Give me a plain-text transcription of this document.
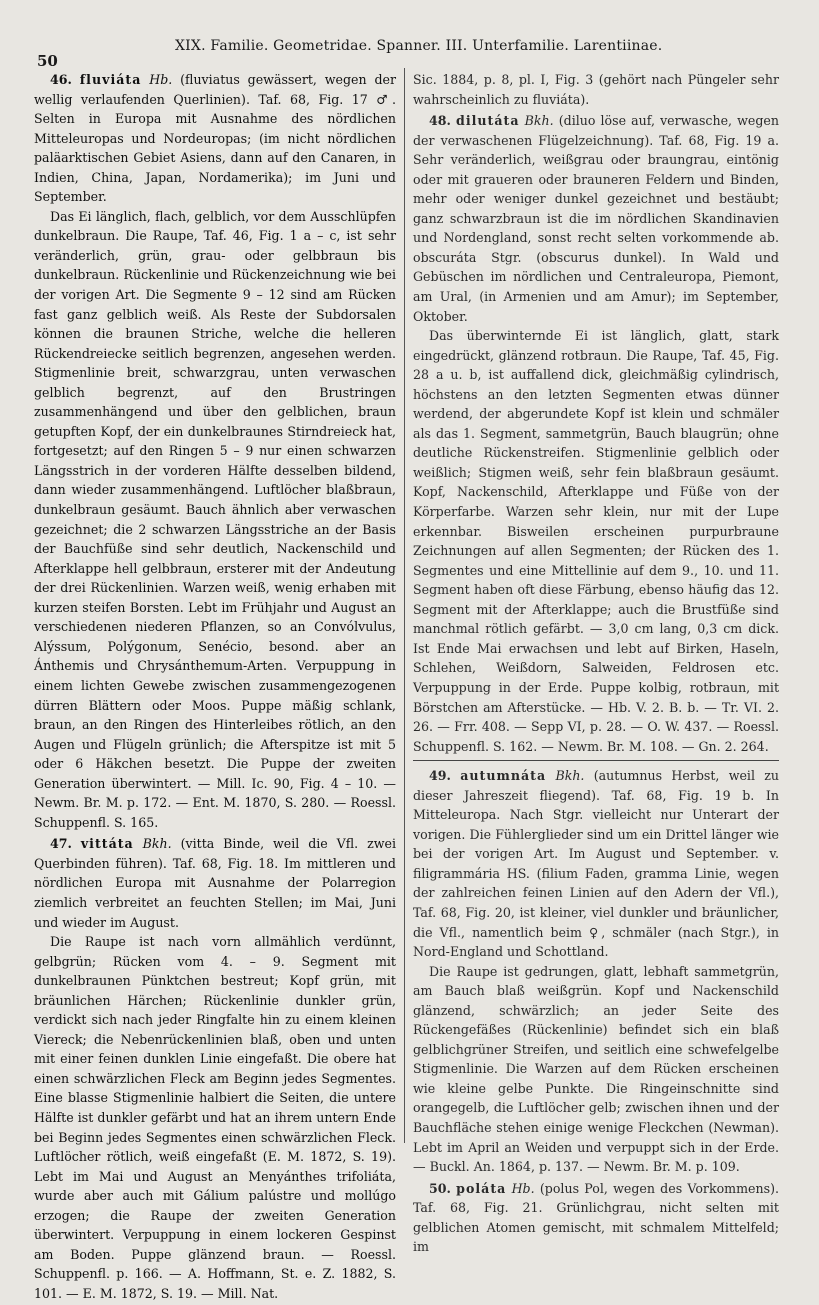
50
XIX. Familie. Geometridae. Spanner. III. Unterfamilie. Larentiinae.

46. fluviáta Hb. (fluviatus gewässert, wegen der wellig verlaufenden Querlinien). Taf. 68, Fig. 17 ♂. Selten in Europa mit Ausnahme des nördlichen Mitteleuropas und Nordeuropas; (im nicht nördlichen paläarktischen Gebiet Asiens, dann auf den Canaren, in Indien, China, Japan, Nordamerika); im Juni und September.

Das Ei länglich, flach, gelblich, vor dem Ausschlüpfen dunkelbraun. Die Raupe, Taf. 46, Fig. 1 a – c, ist sehr veränderlich, grün, grau- oder gelbbraun bis dunkelbraun. Rückenlinie und Rückenzeichnung wie bei der vorigen Art. Die Segmente 9 – 12 sind am Rücken fast ganz gelblich weiß. Als Reste der Subdorsalen können die braunen Striche, welche die helleren Rückendreiecke seitlich begrenzen, angesehen werden. Stigmenlinie breit, schwarzgrau, unten verwaschen gelblich begrenzt, auf den Brustringen zusammenhängend und über den gelblichen, braun getupften Kopf, der ein dunkelbraunes Stirndreieck hat, fortgesetzt; auf den Ringen 5 – 9 nur einen schwarzen Längsstrich in der vorderen Hälfte desselben bildend, dann wieder zusammenhängend. Luftlöcher blaßbraun, dunkelbraun gesäumt. Bauch ähnlich aber verwaschen gezeichnet; die 2 schwarzen Längsstriche an der Basis der Bauchfüße sind sehr deutlich, Nackenschild und Afterklappe hell gelbbraun, ersterer mit der Andeutung der drei Rückenlinien. Warzen weiß, wenig erhaben mit kurzen steifen Borsten. Lebt im Frühjahr und August an verschiedenen niederen Pflanzen, so an Convólvulus, Alýssum, Polýgonum, Senécio, besond. aber an Ánthemis und Chrysánthemum-Arten. Verpuppung in einem lichten Gewebe zwischen zusammengezogenen dürren Blättern oder Moos. Puppe mäßig schlank, braun, an den Ringen des Hinterleibes rötlich, an den Augen und Flügeln grünlich; die Afterspitze ist mit 5 oder 6 Häkchen besetzt. Die Puppe der zweiten Generation überwintert. — Mill. Ic. 90, Fig. 4 – 10. — Newm. Br. M. p. 172. — Ent. M. 1870, S. 280. — Roessl. Schuppenfl. S. 165.

47. vittáta Bkh. (vitta Binde, weil die Vfl. zwei Querbinden führen). Taf. 68, Fig. 18. Im mittleren und nördlichen Europa mit Ausnahme der Polarregion ziemlich verbreitet an feuchten Stellen; im Mai, Juni und wieder im August.

Die Raupe ist nach vorn allmählich verdünnt, gelbgrün; Rücken vom 4. – 9. Segment mit dunkelbraunen Pünktchen bestreut; Kopf grün, mit bräunlichen Härchen; Rückenlinie dunkler grün, verdickt sich nach jeder Ringfalte hin zu einem kleinen Viereck; die Nebenrückenlinien blaß, oben und unten mit einer feinen dunklen Linie eingefaßt. Die obere hat einen schwärzlichen Fleck am Beginn jedes Segmentes. Eine blasse Stigmenlinie halbiert die Seiten, die untere Hälfte ist dunkler gefärbt und hat an ihrem untern Ende bei Beginn jedes Segmentes einen schwärzlichen Fleck. Luftlöcher rötlich, weiß eingefaßt (E. M. 1872, S. 19). Lebt im Mai und August an Menyánthes trifoliáta, wurde aber auch mit Gálium palústre und mollúgo erzogen; die Raupe der zweiten Generation überwintert. Verpuppung in einem lockeren Gespinst am Boden. Puppe glänzend braun. — Roessl. Schuppenfl. p. 166. — A. Hoffmann, St. e. Z. 1882, S. 101. — E. M. 1872, S. 19. — Mill. Nat.

Sic. 1884, p. 8, pl. I, Fig. 3 (gehört nach Püngeler sehr wahrscheinlich zu fluviáta).

48. dilutáta Bkh. (diluo löse auf, verwasche, wegen der verwaschenen Flügelzeichnung). Taf. 68, Fig. 19 a. Sehr veränderlich, weißgrau oder braungrau, eintönig oder mit graueren oder brauneren Feldern und Binden, mehr oder weniger dunkel gezeichnet und bestäubt; ganz schwarzbraun ist die im nördlichen Skandinavien und Nordengland, sonst recht selten vorkommende ab. obscuráta Stgr. (obscurus dunkel). In Wald und Gebüschen im nördlichen und Centraleuropa, Piemont, am Ural, (in Armenien und am Amur); im September, Oktober.

Das überwinternde Ei ist länglich, glatt, stark eingedrückt, glänzend rotbraun. Die Raupe, Taf. 45, Fig. 28 a u. b, ist auffallend dick, gleichmäßig cylindrisch, höchstens an den letzten Segmenten etwas dünner werdend, der abgerundete Kopf ist klein und schmäler als das 1. Segment, sammetgrün, Bauch blaugrün; ohne deutliche Rückenstreifen. Stigmenlinie gelblich oder weißlich; Stigmen weiß, sehr fein blaßbraun gesäumt. Kopf, Nackenschild, Afterklappe und Füße von der Körperfarbe. Warzen sehr klein, nur mit der Lupe erkennbar. Bisweilen erscheinen purpurbraune Zeichnungen auf allen Segmenten; der Rücken des 1. Segmentes und eine Mittellinie auf dem 9., 10. und 11. Segment haben oft diese Färbung, ebenso häufig das 12. Segment mit der Afterklappe; auch die Brustfüße sind manchmal rötlich gefärbt. — 3,0 cm lang, 0,3 cm dick. Ist Ende Mai erwachsen und lebt auf Birken, Haseln, Schlehen, Weißdorn, Salweiden, Feldrosen etc. Verpuppung in der Erde. Puppe kolbig, rotbraun, mit Börstchen am Afterstücke. — Hb. V. 2. B. b. — Tr. VI. 2. 26. — Frr. 408. — Sepp VI, p. 28. — O. W. 437. — Roessl. Schuppenfl. S. 162. — Newm. Br. M. 108. — Gn. 2. 264.

49. autumnáta Bkh. (autumnus Herbst, weil zu dieser Jahreszeit fliegend). Taf. 68, Fig. 19 b. In Mitteleuropa. Nach Stgr. vielleicht nur Unterart der vorigen. Die Fühlerglieder sind um ein Drittel länger wie bei der vorigen Art. Im August und September. v. filigrammária HS. (filium Faden, gramma Linie, wegen der zahlreichen feinen Linien auf den Adern der Vfl.), Taf. 68, Fig. 20, ist kleiner, viel dunkler und bräunlicher, die Vfl., namentlich beim ♀, schmäler (nach Stgr.), in Nord-England und Schottland.

Die Raupe ist gedrungen, glatt, lebhaft sammetgrün, am Bauch blaß weißgrün. Kopf und Nackenschild glänzend, schwärzlich; an jeder Seite des Rückengefäßes (Rückenlinie) befindet sich ein blaß gelblichgrüner Streifen, und seitlich eine schwefelgelbe Stigmenlinie. Die Warzen auf dem Rücken erscheinen wie kleine gelbe Punkte. Die Ringeinschnitte sind orangegelb, die Luftlöcher gelb; zwischen ihnen und der Bauchfläche stehen einige wenige Fleckchen (Newman). Lebt im April an Weiden und verpuppt sich in der Erde. — Buckl. An. 1864, p. 137. — Newm. Br. M. p. 109.

50. poláta Hb. (polus Pol, wegen des Vorkommens). Taf. 68, Fig. 21. Grünlichgrau, nicht selten mit gelblichen Atomen gemischt, mit schmalem Mittelfeld; im
